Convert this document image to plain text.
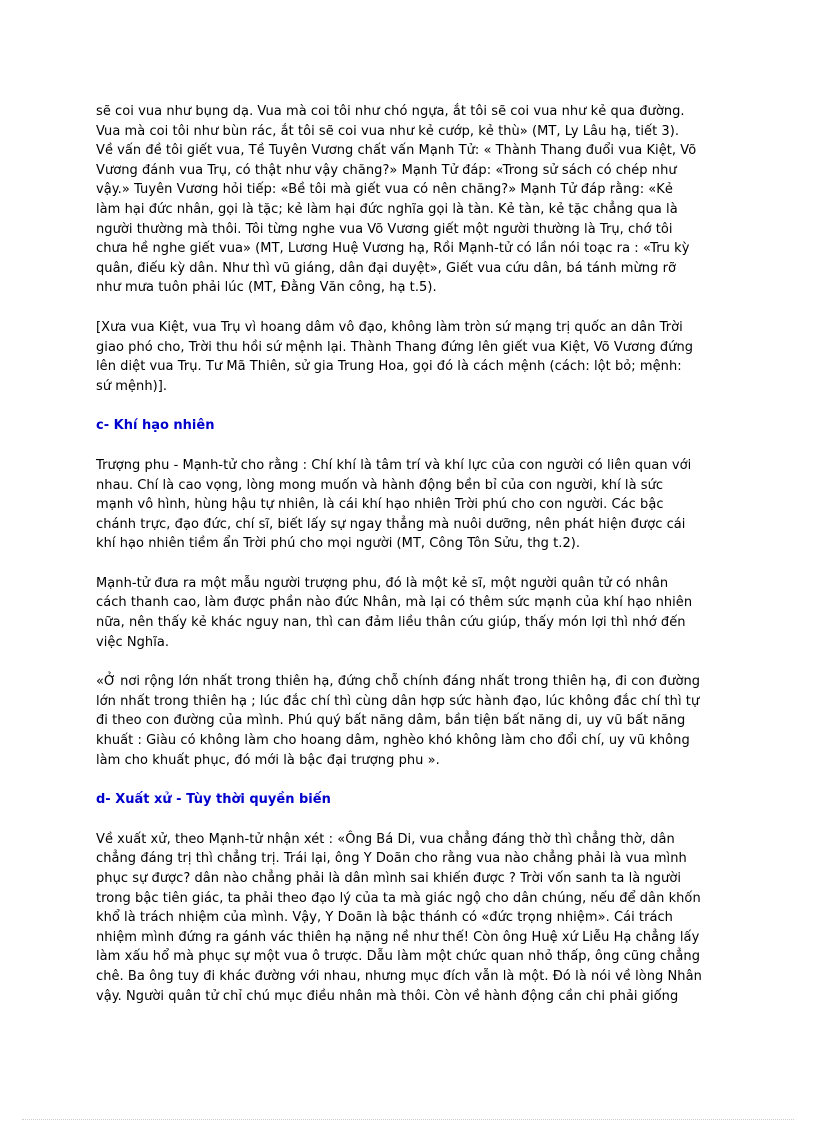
sẽ coi vua như bụng dạ. Vua mà coi tôi như chó ngựa, ắt tôi sẽ coi vua như kẻ qua đường.
Vua mà coi tôi như bùn rác, ắt tôi sẽ coi vua như kẻ cướp, kẻ thù» (MT, Ly Lâu hạ, tiết 3).
Về vấn đề tôi giết vua, Tề Tuyên Vương chất vấn Mạnh Tử: « Thành Thang đuổi vua Kiệt, Võ
Vương đánh vua Trụ, có thật như vậy chăng?» Mạnh Tử đáp: «Trong sử sách có chép như
vậy.» Tuyên Vương hỏi tiếp: «Bề tôi mà giết vua có nên chăng?» Mạnh Tử đáp rằng: «Kẻ
làm hại đức nhân, gọi là tặc; kẻ làm hại đức nghĩa gọi là tàn. Kẻ tàn, kẻ tặc chẳng qua là
người thường mà thôi. Tôi từng nghe vua Võ Vương giết một người thường là Trụ, chớ tôi
chưa hề nghe giết vua» (MT, Lương Huệ Vương hạ, Rồi Mạnh-tử có lần nói toạc ra : «Tru kỳ
quân, điếu kỳ dân. Như thì vũ giáng, dân đại duyệt», Giết vua cứu dân, bá tánh mừng rỡ
như mưa tuôn phải lúc (MT, Đằng Văn công, hạ t.5).

[Xưa vua Kiệt, vua Trụ vì hoang dâm vô đạo, không làm tròn sứ mạng trị quốc an dân Trời
giao phó cho, Trời thu hồi sứ mệnh lại. Thành Thang đứng lên giết vua Kiệt, Võ Vương đứng
lên diệt vua Trụ. Tư Mã Thiên, sử gia Trung Hoa, gọi đó là cách mệnh (cách: lột bỏ; mệnh:
sứ mệnh)].

c- Khí hạo nhiên

Trượng phu - Mạnh-tử cho rằng : Chí khí là tâm trí và khí lực của con người có liên quan với
nhau. Chí là cao vọng, lòng mong muốn và hành động bền bỉ của con người, khí là sức
mạnh vô hình, hùng hậu tự nhiên, là cái khí hạo nhiên Trời phú cho con người. Các bậc
chánh trực, đạo đức, chí sĩ, biết lấy sự ngay thẳng mà nuôi dưỡng, nên phát hiện được cái
khí hạo nhiên tiềm ẩn Trời phú cho mọi người (MT, Công Tôn Sửu, thg t.2).

Mạnh-tử đưa ra một mẫu người trượng phu, đó là một kẻ sĩ, một người quân tử có nhân
cách thanh cao, làm được phần nào đức Nhân, mà lại có thêm sức mạnh của khí hạo nhiên
nữa, nên thấy kẻ khác nguy nan, thì can đảm liều thân cứu giúp, thấy món lợi thì nhớ đến
việc Nghĩa.

«Ở nơi rộng lớn nhất trong thiên hạ, đứng chỗ chính đáng nhất trong thiên hạ, đi con đường
lớn nhất trong thiên hạ ; lúc đắc chí thì cùng dân hợp sức hành đạo, lúc không đắc chí thì tự
đi theo con đường của mình. Phú quý bất năng dâm, bần tiện bất năng di, uy vũ bất năng
khuất : Giàu có không làm cho hoang dâm, nghèo khó không làm cho đổi chí, uy vũ không
làm cho khuất phục, đó mới là bậc đại trượng phu ».

d- Xuất xử - Tùy thời quyền biến

Về xuất xử, theo Mạnh-tử nhận xét : «Ông Bá Di, vua chẳng đáng thờ thì chẳng thờ, dân
chẳng đáng trị thì chẳng trị. Trái lại, ông Y Doãn cho rằng vua nào chẳng phải là vua mình
phục sự được? dân nào chẳng phải là dân mình sai khiến được ? Trời vốn sanh ta là người
trong bậc tiên giác, ta phải theo đạo lý của ta mà giác ngộ cho dân chúng, nếu để dân khốn
khổ là trách nhiệm của mình. Vậy, Y Doãn là bậc thánh có «đức trọng nhiệm». Cái trách
nhiệm mình đứng ra gánh vác thiên hạ nặng nề như thế! Còn ông Huệ xứ Liễu Hạ chẳng lấy
làm xấu hổ mà phục sự một vua ô trược. Dẫu làm một chức quan nhỏ thấp, ông cũng chẳng
chê. Ba ông tuy đi khác đường với nhau, nhưng mục đích vẫn là một. Đó là nói về lòng Nhân
vậy. Người quân tử chỉ chú mục điều nhân mà thôi. Còn về hành động cần chi phải giống
